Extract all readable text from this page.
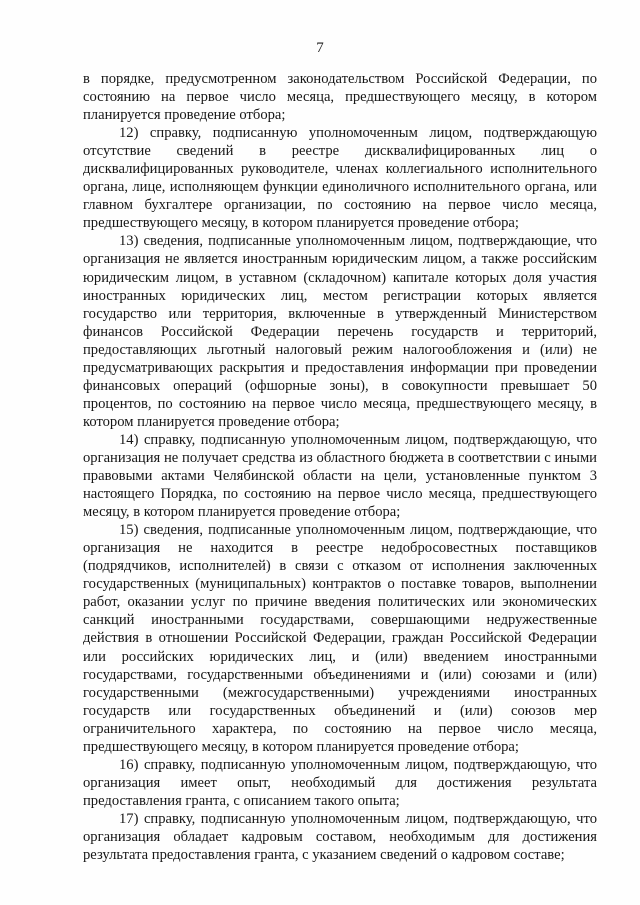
7

в порядке, предусмотренном законодательством Российской Федерации, по состоянию на первое число месяца, предшествующего месяцу, в котором планируется проведение отбора;

12) справку, подписанную уполномоченным лицом, подтверждающую отсутствие сведений в реестре дисквалифицированных лиц о дисквалифицированных руководителе, членах коллегиального исполнительного органа, лице, исполняющем функции единоличного исполнительного органа, или главном бухгалтере организации, по состоянию на первое число месяца, предшествующего месяцу, в котором планируется проведение отбора;

13) сведения, подписанные уполномоченным лицом, подтверждающие, что организация не является иностранным юридическим лицом, а также российским юридическим лицом, в уставном (складочном) капитале которых доля участия иностранных юридических лиц, местом регистрации которых является государство или территория, включенные в утвержденный Министерством финансов Российской Федерации перечень государств и территорий, предоставляющих льготный налоговый режим налогообложения и (или) не предусматривающих раскрытия и предоставления информации при проведении финансовых операций (офшорные зоны), в совокупности превышает 50 процентов, по состоянию на первое число месяца, предшествующего месяцу, в котором планируется проведение отбора;

14) справку, подписанную уполномоченным лицом, подтверждающую, что организация не получает средства из областного бюджета в соответствии с иными правовыми актами Челябинской области на цели, установленные пунктом 3 настоящего Порядка, по состоянию на первое число месяца, предшествующего месяцу, в котором планируется проведение отбора;

15) сведения, подписанные уполномоченным лицом, подтверждающие, что организация не находится в реестре недобросовестных поставщиков (подрядчиков, исполнителей) в связи с отказом от исполнения заключенных государственных (муниципальных) контрактов о поставке товаров, выполнении работ, оказании услуг по причине введения политических или экономических санкций иностранными государствами, совершающими недружественные действия в отношении Российской Федерации, граждан Российской Федерации или российских юридических лиц, и (или) введением иностранными государствами, государственными объединениями и (или) союзами и (или) государственными (межгосударственными) учреждениями иностранных государств или государственных объединений и (или) союзов мер ограничительного характера, по состоянию на первое число месяца, предшествующего месяцу, в котором планируется проведение отбора;

16) справку, подписанную уполномоченным лицом, подтверждающую, что организация имеет опыт, необходимый для достижения результата предоставления гранта, с описанием такого опыта;

17) справку, подписанную уполномоченным лицом, подтверждающую, что организация обладает кадровым составом, необходимым для достижения результата предоставления гранта, с указанием сведений о кадровом составе;
